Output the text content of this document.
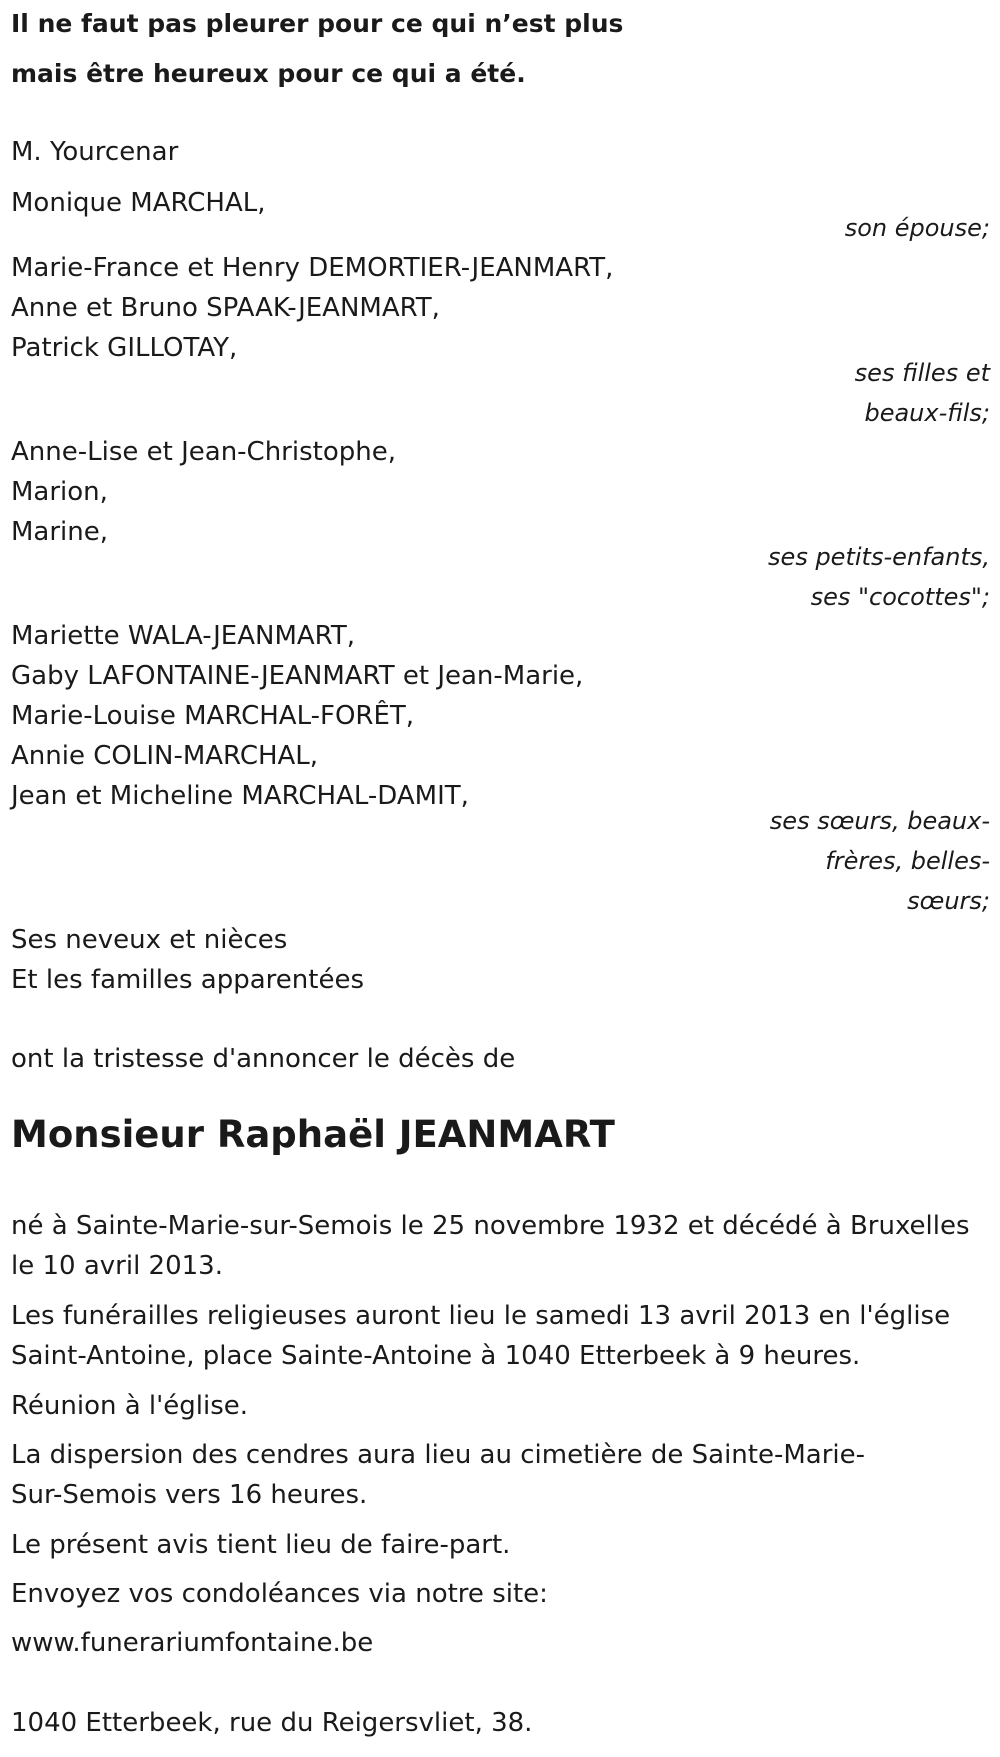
Il ne faut pas pleurer pour ce qui n’est plus
mais être heureux pour ce qui a été.
M. Yourcenar
Monique MARCHAL,
son épouse;
Marie-France et Henry DEMORTIER-JEANMART,
Anne et Bruno SPAAK-JEANMART,
Patrick GILLOTAY,
ses filles et
beaux-fils;
Anne-Lise et Jean-Christophe,
Marion,
Marine,
ses petits-enfants,
ses "cocottes";
Mariette WALA-JEANMART,
Gaby LAFONTAINE-JEANMART et Jean-Marie,
Marie-Louise MARCHAL-FORÊT,
Annie COLIN-MARCHAL,
Jean et Micheline MARCHAL-DAMIT,
ses sœurs, beaux-
frères, belles-
sœurs;
Ses neveux et nièces
Et les familles apparentées
ont la tristesse d'annoncer le décès de
Monsieur Raphaël JEANMART
né à Sainte-Marie-sur-Semois le 25 novembre 1932 et décédé à Bruxelles
le 10 avril 2013.
Les funérailles religieuses auront lieu le samedi 13 avril 2013 en l'église
Saint-Antoine, place Sainte-Antoine à 1040 Etterbeek à 9 heures.
Réunion à l'église.
La dispersion des cendres aura lieu au cimetière de Sainte-Marie-
Sur-Semois vers 16 heures.
Le présent avis tient lieu de faire-part.
Envoyez vos condoléances via notre site:
www.funerariumfontaine.be
1040 Etterbeek, rue du Reigersvliet, 38.
